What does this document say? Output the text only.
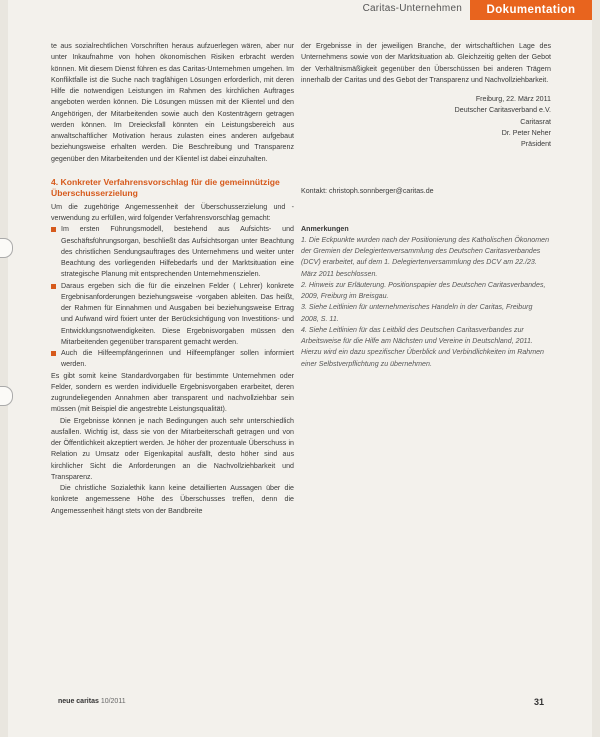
Caritas-Unternehmen	Dokumentation

te aus sozialrechtlichen Vorschriften heraus aufzuerlegen wären, aber nur unter Inkaufnahme von hohen ökonomischen Risiken erbracht werden können. Mit diesem Dienst führen es das Caritas-Unternehmen umgehen. Im Konfliktfalle ist die Suche nach tragfähigen Lösungen erforderlich, mit deren Hilfe die notwendigen Leistungen im Rahmen des kirchlichen Auftrages angeboten werden können. Die Lösungen müssen mit der Klientel und den Angehörigen, der Mitarbeitenden sowie auch den Kostenträgern getragen werden können. Im Dreiecksfall könnten ein Leistungsbereich aus anwaltschaftlicher Motivation heraus zulasten eines anderen aufgebaut beziehungsweise erhalten werden. Die Beschreibung und Transparenz gegenüber den Mitarbeitenden und der Klientel ist dabei einzuhalten.

4. Konkreter Verfahrensvorschlag für die gemeinnützige Überschusserzielung

Um die zugehörige Angemessenheit der Überschusserzielung und -verwendung zu erfüllen, wird folgender Verfahrensvorschlag gemacht:

Im ersten Führungsmodell, bestehend aus Aufsichts- und Geschäftsführungsorgan, beschließt das Aufsichtsorgan unter Beachtung des christlichen Sendungsauftrages des Unternehmens und weiter unter Beachtung des vorliegenden Hilfebedarfs und der Marktsituation eine strategische Planung mit entsprechenden Unternehmenszielen.
Daraus ergeben sich die für die einzelnen Felder ( Lehrer) konkrete Ergebnisanforderungen beziehungsweise -vorgaben ableiten. Das heißt, der Rahmen für Einnahmen und Ausgaben bei beziehungsweise Ertrag und Aufwand wird fixiert unter der Berücksichtigung von Investitions- und Entwicklungsnotwendigkeiten. Diese Ergebnisvorgaben müssen den Mitarbeitenden gegenüber transparent gemacht werden.
Auch die Hilfeempfängerinnen und Hilfeempfänger sollen informiert werden.

Es gibt somit keine Standardvorgaben für bestimmte Unternehmen oder Felder, sondern es werden individuelle Ergebnisvorgaben erarbeitet, deren zugrundeliegenden Annahmen aber transparent und nachvollziehbar sein müssen (mit Beispiel die angestrebte Leistungsqualität).

Die Ergebnisse können je nach Bedingungen auch sehr unterschiedlich ausfallen. Wichtig ist, dass sie von der Mitarbeiterschaft getragen und von der Öffentlichkeit akzeptiert werden. Je höher der prozentuale Überschuss in Relation zu Umsatz oder Eigenkapital ausfällt, desto höher sind aus kirchlicher Sicht die Anforderungen an die Nachvollziehbarkeit und Transparenz.

Die christliche Sozialethik kann keine detaillierten Aussagen über die konkrete angemessene Höhe des Überschusses treffen, denn die Angemessenheit hängt stets von der Bandbreite

der Ergebnisse in der jeweiligen Branche, der wirtschaftlichen Lage des Unternehmens sowie von der Marktsituation ab. Gleichzeitig gelten der Gebot der Verhältnismäßigkeit gegenüber den Überschüssen bei anderen Trägern innerhalb der Caritas und des Gebot der Transparenz und Nachvollziehbarkeit.

Freiburg, 22. März 2011
Deutscher Caritasverband e.V.
Caritasrat
Dr. Peter Neher
Präsident
Kontakt: christoph.sonnberger@caritas.de
Anmerkungen

1. Die Eckpunkte wurden nach der Positionierung des Katholischen Ökonomen der Gremien der Delegiertenversammlung des Deutschen Caritasverbandes (DCV) erarbeitet, auf dem 1. Delegiertenversammlung des DCV am 22./23. März 2011 beschlossen.

2. Hinweis zur Erläuterung. Positionspapier des Deutschen Caritasverbandes, 2009, Freiburg im Breisgau.

3. Siehe Leitlinien für unternehmerisches Handeln in der Caritas, Freiburg 2008, S. 11.

4. Siehe Leitlinien für das Leitbild des Deutschen Caritasverbandes zur Arbeitsweise für die Hilfe am Nächsten und Vereine in Deutschland, 2011. Hierzu wird ein dazu spezifischer Überblick und Verbindlichkeiten im Rahmen einer Selbstverpflichtung zu übernehmen.

neue caritas 10/2011	31
